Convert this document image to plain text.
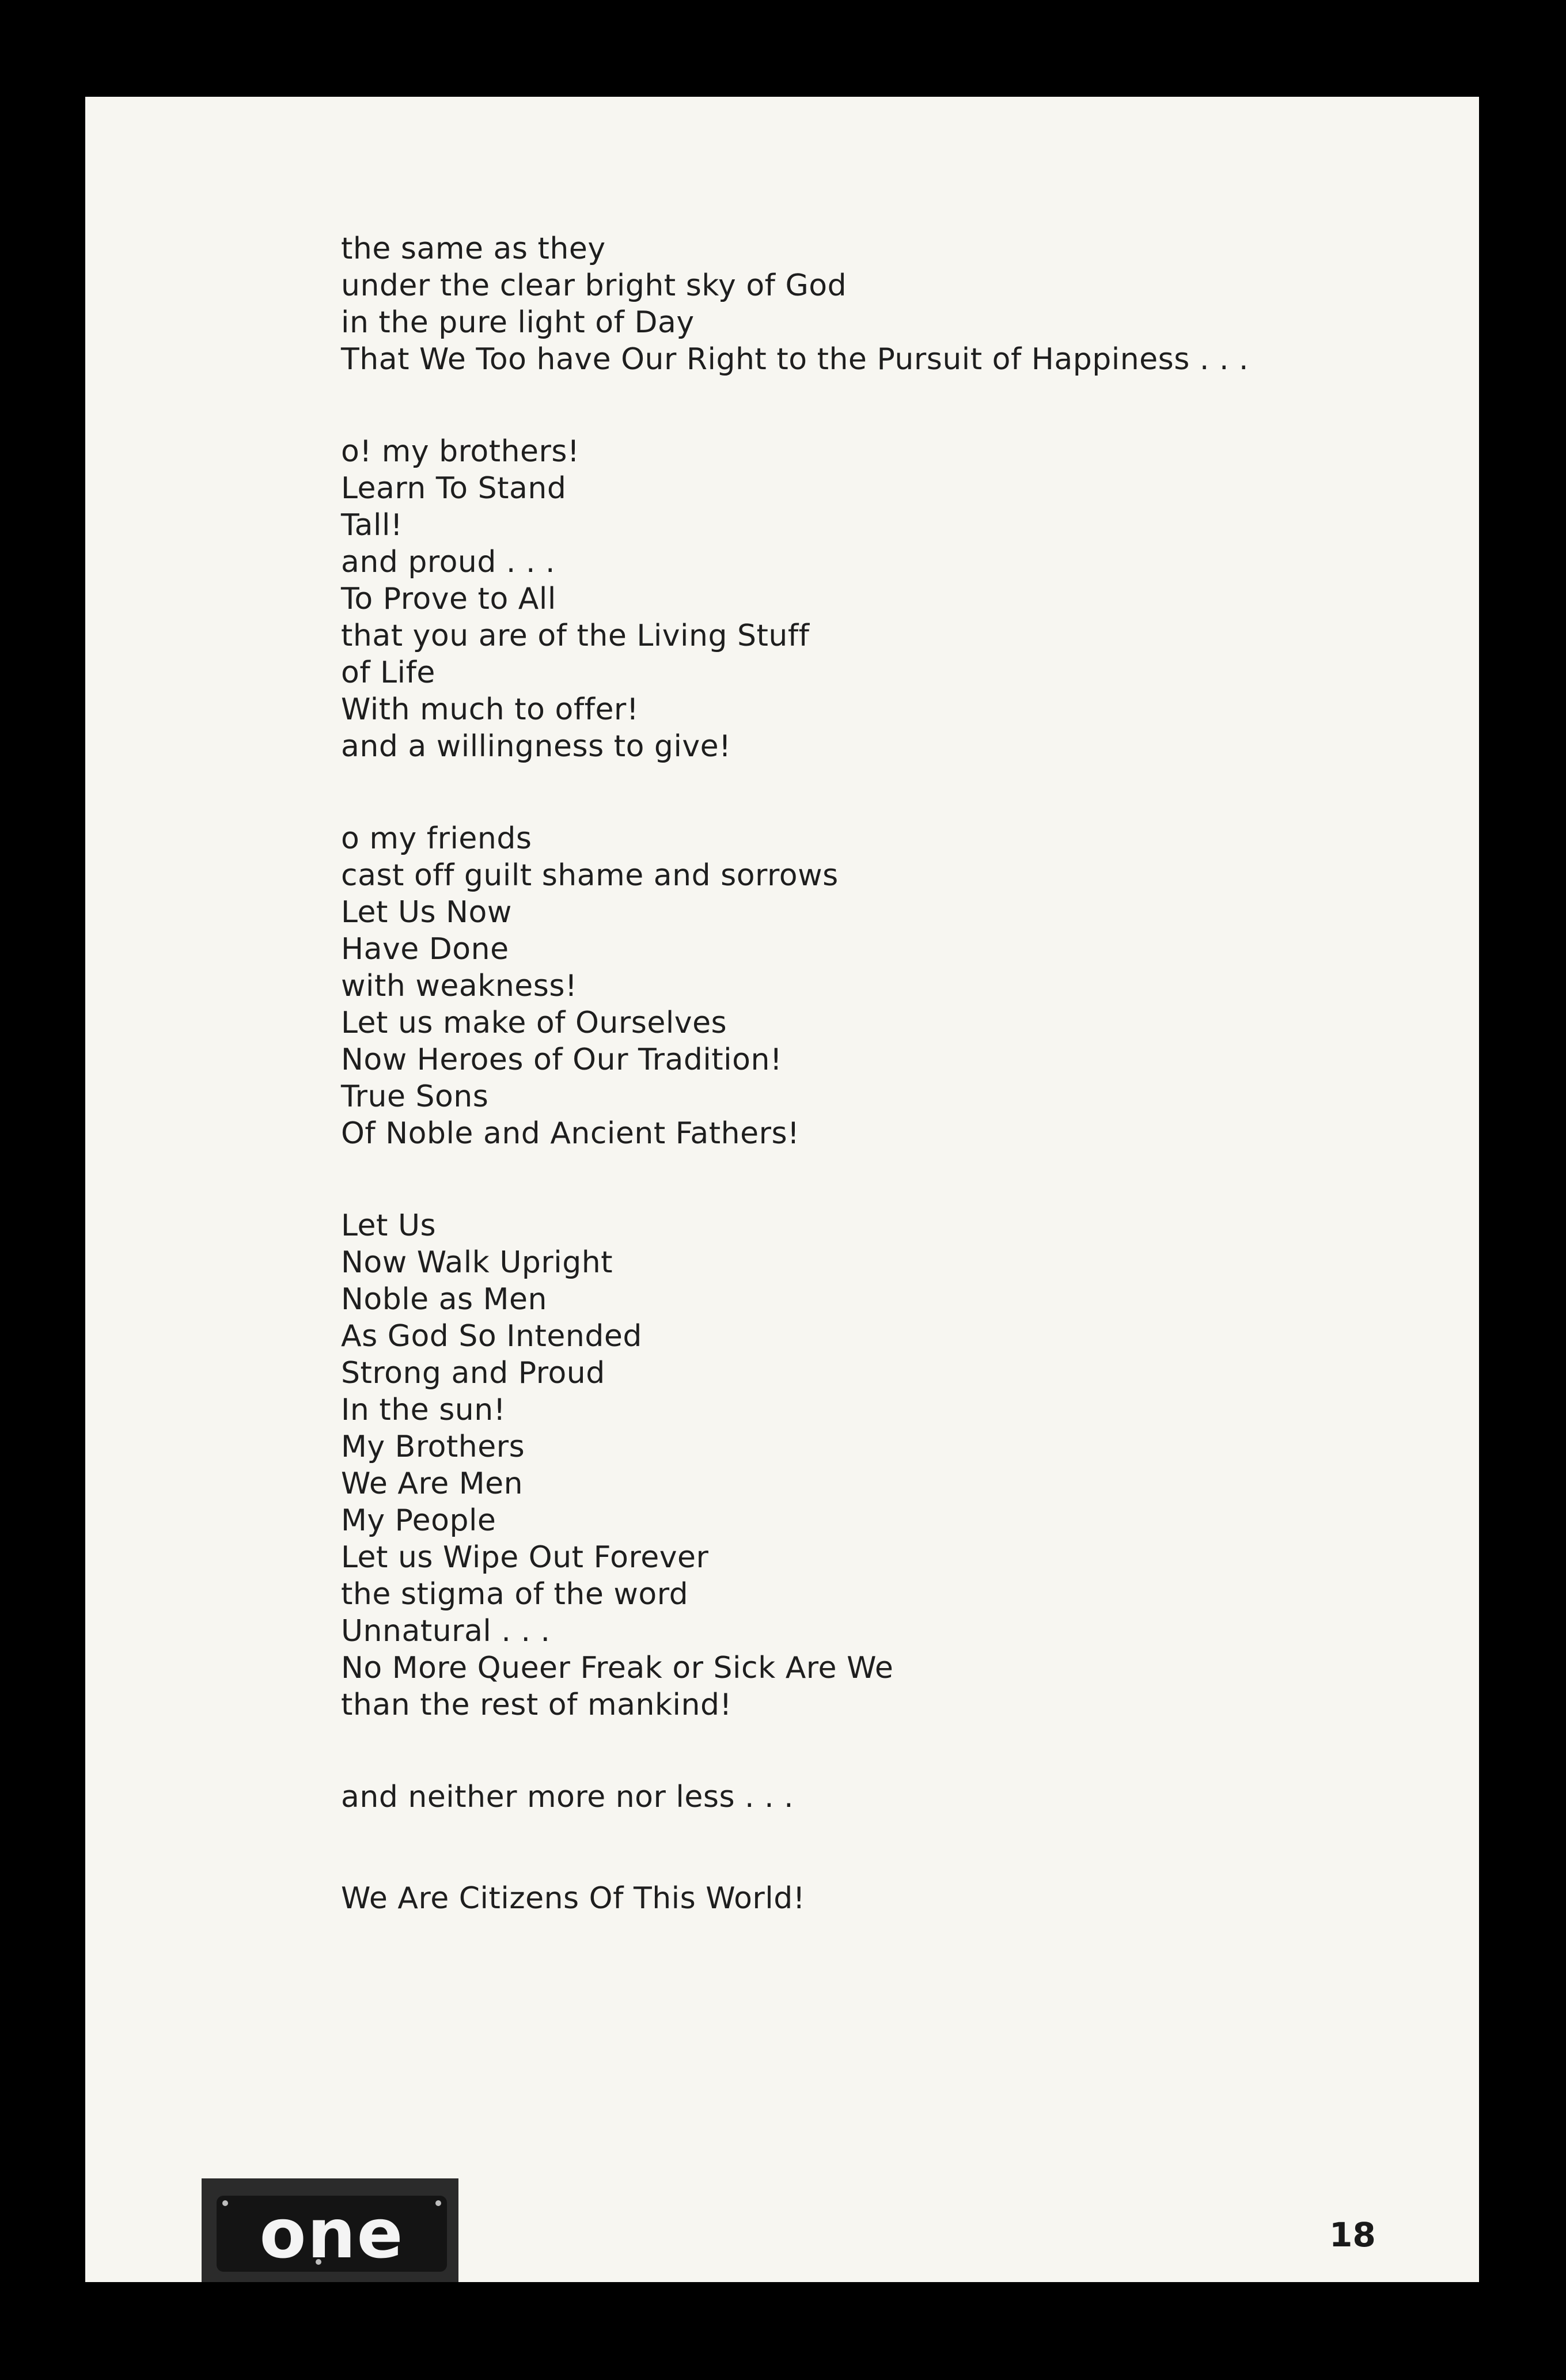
the same as they
under the clear bright sky of God
in the pure light of Day
That We Too have Our Right to the Pursuit of Happiness . . .
o! my brothers!
Learn To Stand
Tall!
and proud . . .
To Prove to All
that you are of the Living Stuff
of Life
With much to offer!
and a willingness to give!
o my friends
cast off guilt shame and sorrows
Let Us Now
Have Done
with weakness!
Let us make of Ourselves
Now Heroes of Our Tradition!
True Sons
Of Noble and Ancient Fathers!
Let Us
Now Walk Upright
Noble as Men
As God So Intended
Strong and Proud
In the sun!
My Brothers
We Are Men
My People
Let us Wipe Out Forever
the stigma of the word
Unnatural . . .
No More Queer Freak or Sick Are We
than the rest of mankind!
and neither more nor less . . .
We Are Citizens Of This World!
one	18
